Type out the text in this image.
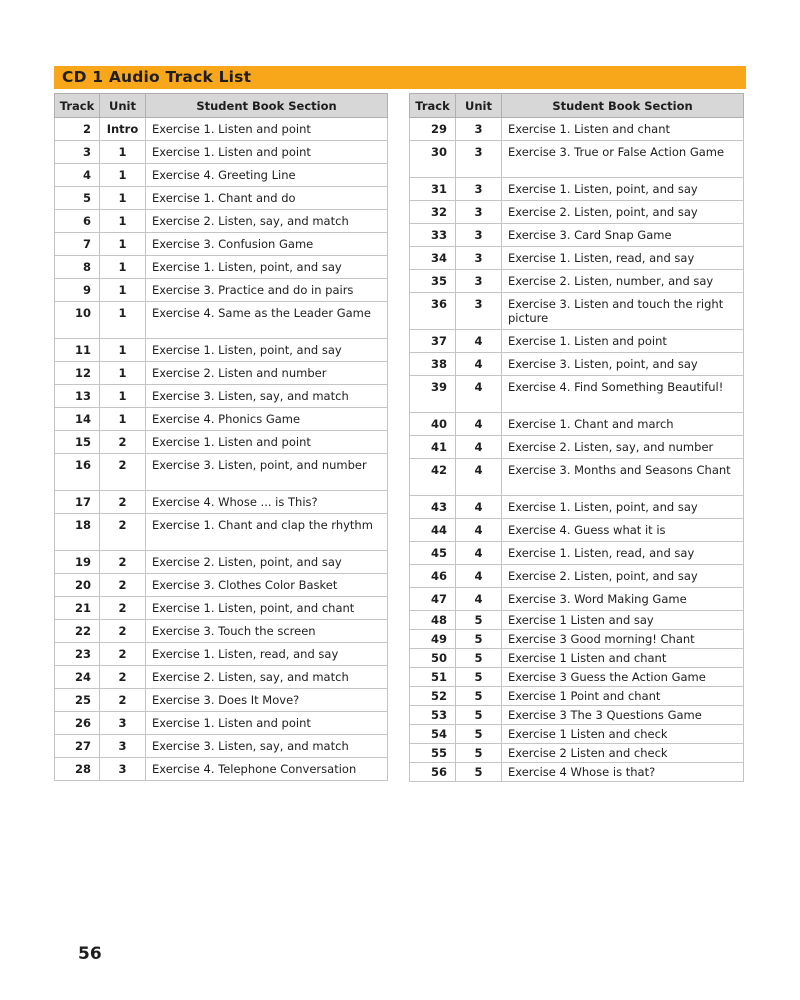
CD 1 Audio Track List
Track	Unit	Student Book Section

2	Intro	Exercise 1. Listen and point

3	1	Exercise 1. Listen and point

4	1	Exercise 4. Greeting Line

5	1	Exercise 1. Chant and do

6	1	Exercise 2. Listen, say, and match

7	1	Exercise 3. Confusion Game

8	1	Exercise 1. Listen, point, and say

9	1	Exercise 3. Practice and do in pairs

10	1	Exercise 4. Same as the Leader Game

11	1	Exercise 1. Listen, point, and say

12	1	Exercise 2. Listen and number

13	1	Exercise 3. Listen, say, and match

14	1	Exercise 4. Phonics Game

15	2	Exercise 1. Listen and point

16	2	Exercise 3. Listen, point, and number

17	2	Exercise 4. Whose ... is This?

18	2	Exercise 1. Chant and clap the rhythm

19	2	Exercise 2. Listen, point, and say

20	2	Exercise 3. Clothes Color Basket

21	2	Exercise 1. Listen, point, and chant

22	2	Exercise 3. Touch the screen

23	2	Exercise 1. Listen, read, and say

24	2	Exercise 2. Listen, say, and match

25	2	Exercise 3. Does It Move?

26	3	Exercise 1. Listen and point

27	3	Exercise 3. Listen, say, and match

28	3	Exercise 4. Telephone Conversation
Track	Unit	Student Book Section

29	3	Exercise 1. Listen and chant

30	3	Exercise 3. True or False Action Game

31	3	Exercise 1. Listen, point, and say

32	3	Exercise 2. Listen, point, and say

33	3	Exercise 3. Card Snap Game

34	3	Exercise 1. Listen, read, and say

35	3	Exercise 2. Listen, number, and say

36	3	Exercise 3. Listen and touch the right picture

37	4	Exercise 1. Listen and point

38	4	Exercise 3. Listen, point, and say

39	4	Exercise 4. Find Something Beautiful!

40	4	Exercise 1. Chant and march

41	4	Exercise 2. Listen, say, and number

42	4	Exercise 3. Months and Seasons Chant

43	4	Exercise 1. Listen, point, and say

44	4	Exercise 4. Guess what it is

45	4	Exercise 1. Listen, read, and say

46	4	Exercise 2. Listen, point, and say

47	4	Exercise 3. Word Making Game

48	5	Exercise 1 Listen and say

49	5	Exercise 3 Good morning! Chant

50	5	Exercise 1 Listen and chant

51	5	Exercise 3 Guess the Action Game

52	5	Exercise 1 Point and chant

53	5	Exercise 3 The 3 Questions Game

54	5	Exercise 1 Listen and check

55	5	Exercise 2 Listen and check

56	5	Exercise 4 Whose is that?
56
